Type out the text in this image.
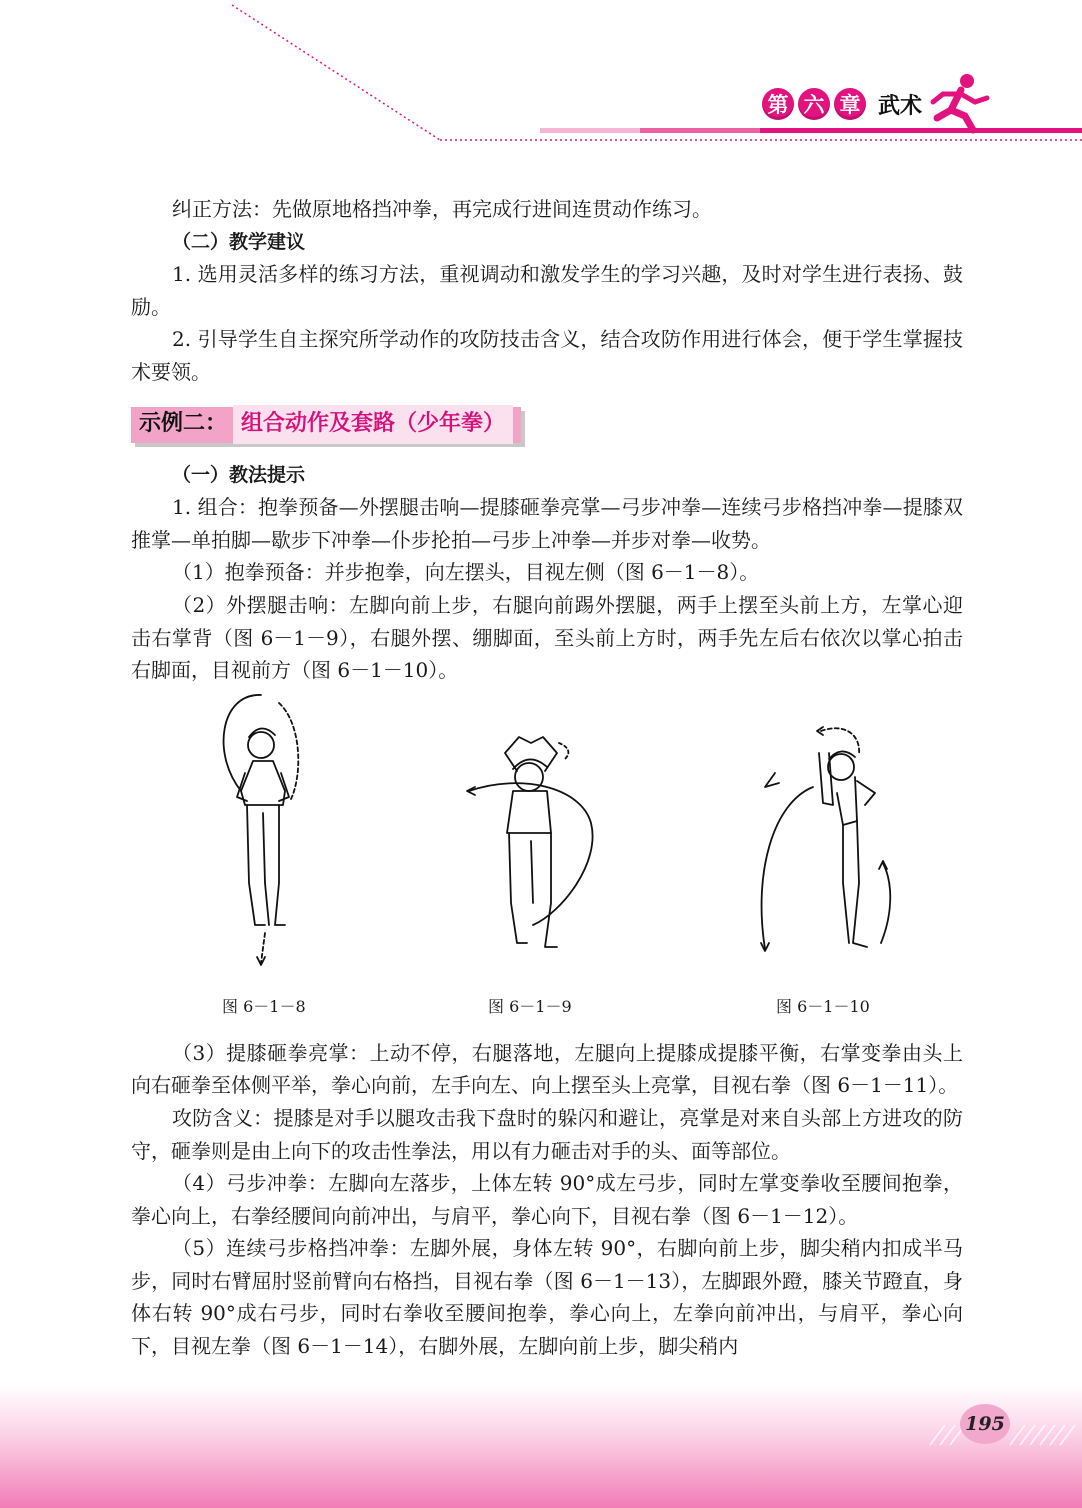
第 六 章 武术

纠正方法：先做原地格挡冲拳，再完成行进间连贯动作练习。

（二）教学建议

1. 选用灵活多样的练习方法，重视调动和激发学生的学习兴趣，及时对学生进行表扬、鼓励。

2. 引导学生自主探究所学动作的攻防技击含义，结合攻防作用进行体会，便于学生掌握技术要领。

示例二： 组合动作及套路（少年拳）

（一）教法提示

1. 组合：抱拳预备—外摆腿击响—提膝砸拳亮掌—弓步冲拳—连续弓步格挡冲拳—提膝双推掌—单拍脚—歇步下冲拳—仆步抡拍—弓步上冲拳—并步对拳—收势。

（1）抱拳预备：并步抱拳，向左摆头，目视左侧（图 6－1－8）。

（2）外摆腿击响：左脚向前上步，右腿向前踢外摆腿，两手上摆至头前上方，左掌心迎击右掌背（图 6－1－9），右腿外摆、绷脚面，至头前上方时，两手先左后右依次以掌心拍击右脚面，目视前方（图 6－1－10）。

图 6－1－8	图 6－1－9	图 6－1－10

（3）提膝砸拳亮掌：上动不停，右腿落地，左腿向上提膝成提膝平衡，右掌变拳由头上向右砸拳至体侧平举，拳心向前，左手向左、向上摆至头上亮掌，目视右拳（图 6－1－11）。

攻防含义：提膝是对手以腿攻击我下盘时的躲闪和避让，亮掌是对来自头部上方进攻的防守，砸拳则是由上向下的攻击性拳法，用以有力砸击对手的头、面等部位。

（4）弓步冲拳：左脚向左落步，上体左转 90°成左弓步，同时左掌变拳收至腰间抱拳，拳心向上，右拳经腰间向前冲出，与肩平，拳心向下，目视右拳（图 6－1－12）。

（5）连续弓步格挡冲拳：左脚外展，身体左转 90°，右脚向前上步，脚尖稍内扣成半马步，同时右臂屈肘竖前臂向右格挡，目视右拳（图 6－1－13），左脚跟外蹬，膝关节蹬直，身体右转 90°成右弓步，同时右拳收至腰间抱拳，拳心向上，左拳向前冲出，与肩平，拳心向下，目视左拳（图 6－1－14），右脚外展，左脚向前上步，脚尖稍内

195
